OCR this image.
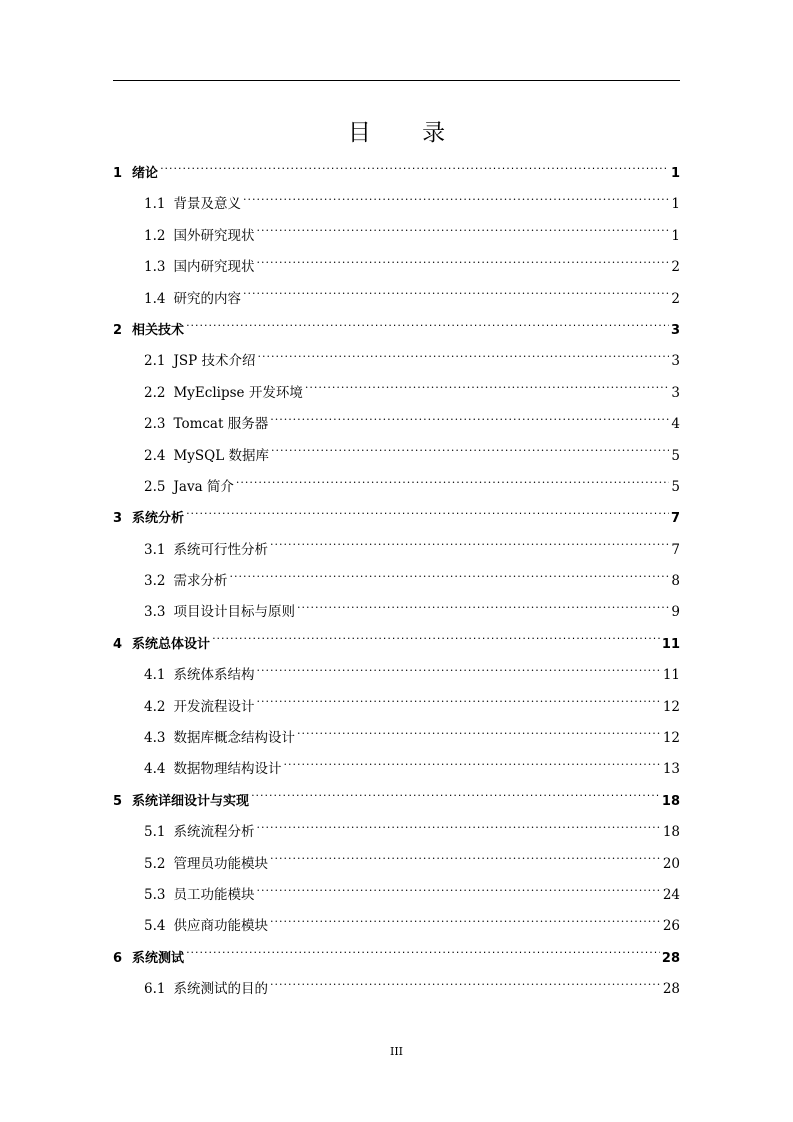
目 录
1 绪论 .....	1
1.1 背景及意义 .....	1
1.2 国外研究现状 .....	1
1.3 国内研究现状 .....	2
1.4 研究的内容 .....	2
2 相关技术 .....	3
2.1 JSP 技术介绍 .....	3
2.2 MyEclipse 开发环境 .....	3
2.3 Tomcat 服务器 .....	4
2.4 MySQL 数据库 .....	5
2.5 Java 简介 .....	5
3 系统分析 .....	7
3.1 系统可行性分析 .....	7
3.2 需求分析 .....	8
3.3 项目设计目标与原则 .....	9
4 系统总体设计 .....	11
4.1 系统体系结构 .....	11
4.2 开发流程设计 .....	12
4.3 数据库概念结构设计 .....	12
4.4 数据物理结构设计 .....	13
5 系统详细设计与实现 .....	18
5.1 系统流程分析 .....	18
5.2 管理员功能模块 .....	20
5.3 员工功能模块 .....	24
5.4 供应商功能模块 .....	26
6 系统测试 .....	28
6.1 系统测试的目的 .....	28
III
